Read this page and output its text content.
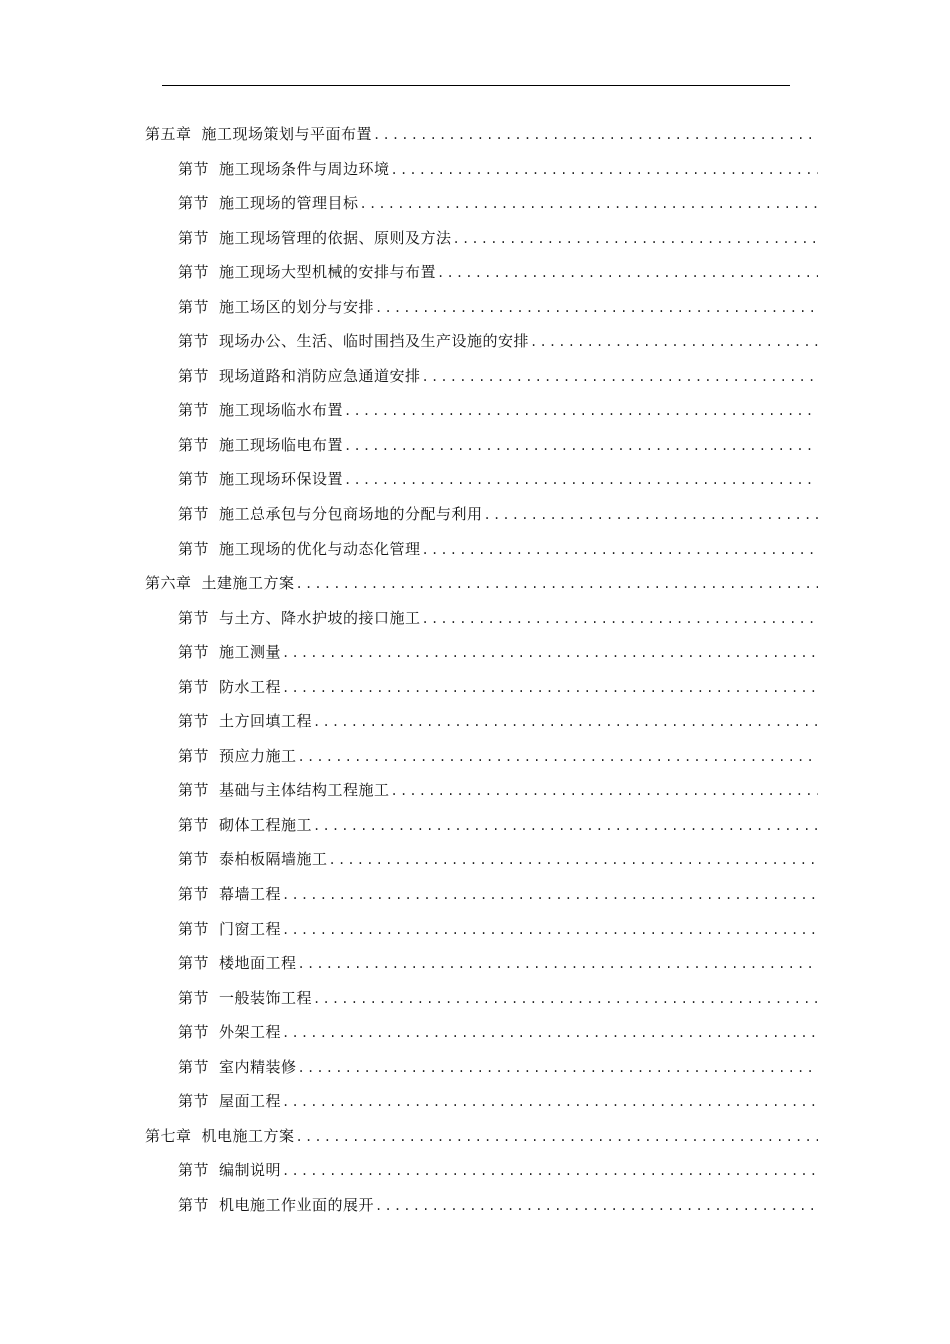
第五章 施工现场策划与平面布置
.....
第节 施工现场条件与周边环境
.....
第节 施工现场的管理目标
.....
第节 施工现场管理的依据、原则及方法
.....
第节 施工现场大型机械的安排与布置
.....
第节 施工场区的划分与安排
.....
第节 现场办公、生活、临时围挡及生产设施的安排
.....
第节 现场道路和消防应急通道安排
.....
第节 施工现场临水布置
.....
第节 施工现场临电布置
.....
第节 施工现场环保设置
.....
第节 施工总承包与分包商场地的分配与利用
.....
第节 施工现场的优化与动态化管理
.....
第六章 土建施工方案
.....
第节 与土方、降水护坡的接口施工
.....
第节 施工测量
.....
第节 防水工程
.....
第节 土方回填工程
.....
第节 预应力施工
.....
第节 基础与主体结构工程施工
.....
第节 砌体工程施工
.....
第节 泰柏板隔墙施工
.....
第节 幕墙工程
.....
第节 门窗工程
.....
第节 楼地面工程
.....
第节 一般装饰工程
.....
第节 外架工程
.....
第节 室内精装修
.....
第节 屋面工程
.....
第七章 机电施工方案
.....
第节 编制说明
.....
第节 机电施工作业面的展开
.....
